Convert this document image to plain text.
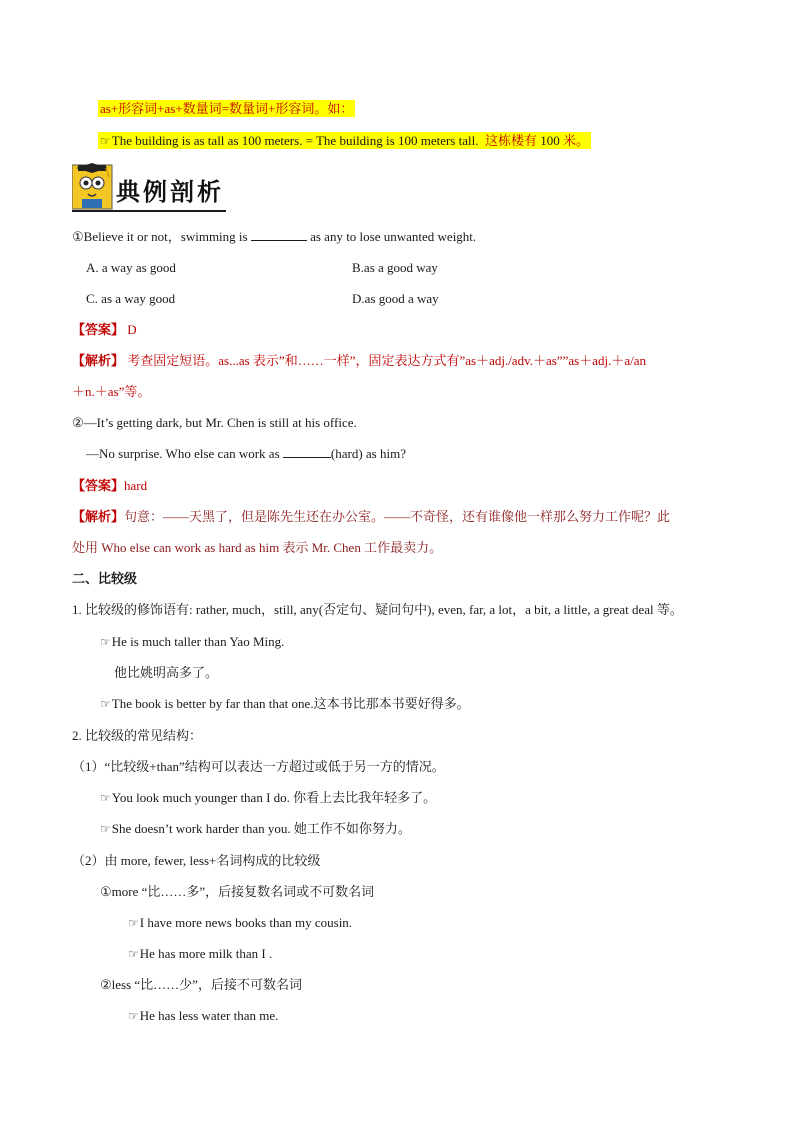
as+形容词+as+数量词=数量词+形容词。如：
☞The building is as tall as 100 meters. = The building is 100 meters tall. 这栋楼有 100 米。
典例剖析
①Believe it or not，swimming is	as any to lose unwanted weight.
A. a way as good	B.as a good way
C. as a way good	D.as good a way
【答案】 D
【解析】 考查固定短语。as...as 表示”和……一样”，固定表达方式有”as＋adj./adv.＋as””as＋adj.＋a/an
＋n.＋as”等。
②—It’s getting dark, but Mr. Chen is still at his office.
—No surprise. Who else can work as	(hard) as him?
【答案】hard
【解析】句意：——天黑了，但是陈先生还在办公室。——不奇怪，还有谁像他一样那么努力工作呢？此
处用 Who else can work as hard as him 表示 Mr. Chen 工作最卖力。
二、比较级
1. 比较级的修饰语有: rather, much，still, any(否定句、疑问句中), even, far, a lot，a bit, a little, a great deal 等。
☞He is much taller than Yao Ming.
他比姚明高多了。
☞The book is better by far than that one.这本书比那本书要好得多。
2. 比较级的常见结构：
（1）“比较级+than”结构可以表达一方超过或低于另一方的情况。
☞You look much younger than I do. 你看上去比我年轻多了。
☞She doesn’t work harder than you. 她工作不如你努力。
（2）由 more, fewer, less+名词构成的比较级
①more “比……多”，后接复数名词或不可数名词
☞I have more news books than my cousin.
☞He has more milk than I .
②less “比……少”，后接不可数名词
☞He has less water than me.
